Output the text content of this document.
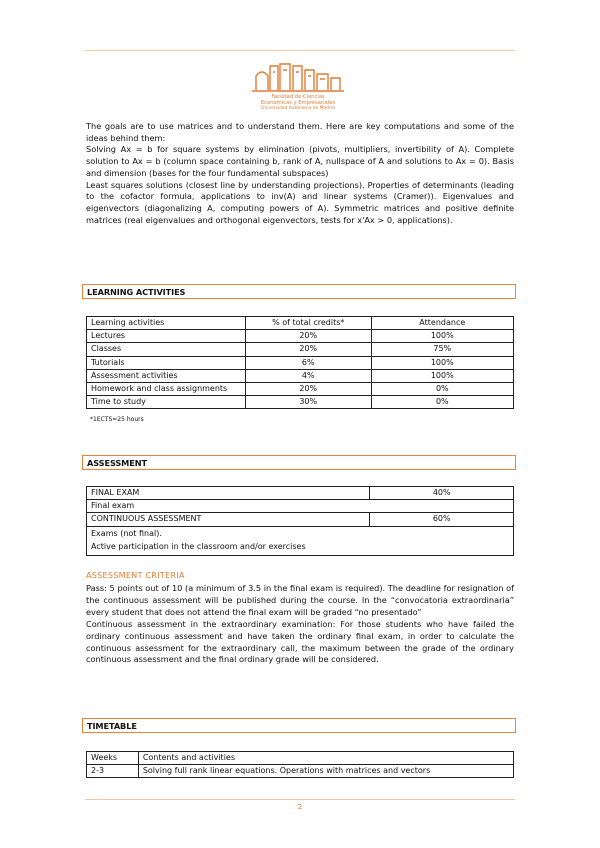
Facultad de Ciencias
Económicas y Empresariales
Universidad Autónoma de Madrid

The goals are to use matrices and to understand them. Here are key computations and some of the ideas behind them:

Solving Ax = b for square systems by elimination (pivots, multipliers, invertibility of A). Complete solution to Ax = b (column space containing b, rank of A, nullspace of A and solutions to Ax = 0). Basis and dimension (bases for the four fundamental subspaces)

Least squares solutions (closest line by understanding projections). Properties of determinants (leading to the cofactor formula, applications to inv(A) and linear systems (Cramer)). Eigenvalues and eigenvectors (diagonalizing A, computing powers of A). Symmetric matrices and positive definite matrices (real eigenvalues and orthogonal eigenvectors, tests for x'Ax > 0, applications).

LEARNING ACTIVITIES
Learning activities	% of total credits*	Attendance
Lectures	20%	100%
Classes	20%	75%
Tutorials	6%	100%
Assessment activities	4%	100%
Homework and class assignments	20%	0%
Time to study	30%	0%
*1ECTS=25 hours
ASSESSMENT
FINAL EXAM	40%
Final exam	
CONTINUOUS ASSESSMENT	60%

Exams (not final).
Active participation in the classroom and/or exercises	
ASSESSMENT CRITERIA

Pass: 5 points out of 10 (a minimum of 3.5 in the final exam is required). The deadline for resignation of the continuous assessment will be published during the course. In the “convocatoria extraordinaria” every student that does not attend the final exam will be graded “no presentado”

Continuous assessment in the extraordinary examination: For those students who have failed the ordinary continuous assessment and have taken the ordinary final exam, in order to calculate the continuous assessment for the extraordinary call, the maximum between the grade of the ordinary continuous assessment and the final ordinary grade will be considered.

TIMETABLE
Weeks	Contents and activities
2-3	Solving full rank linear equations. Operations with matrices and vectors
2
